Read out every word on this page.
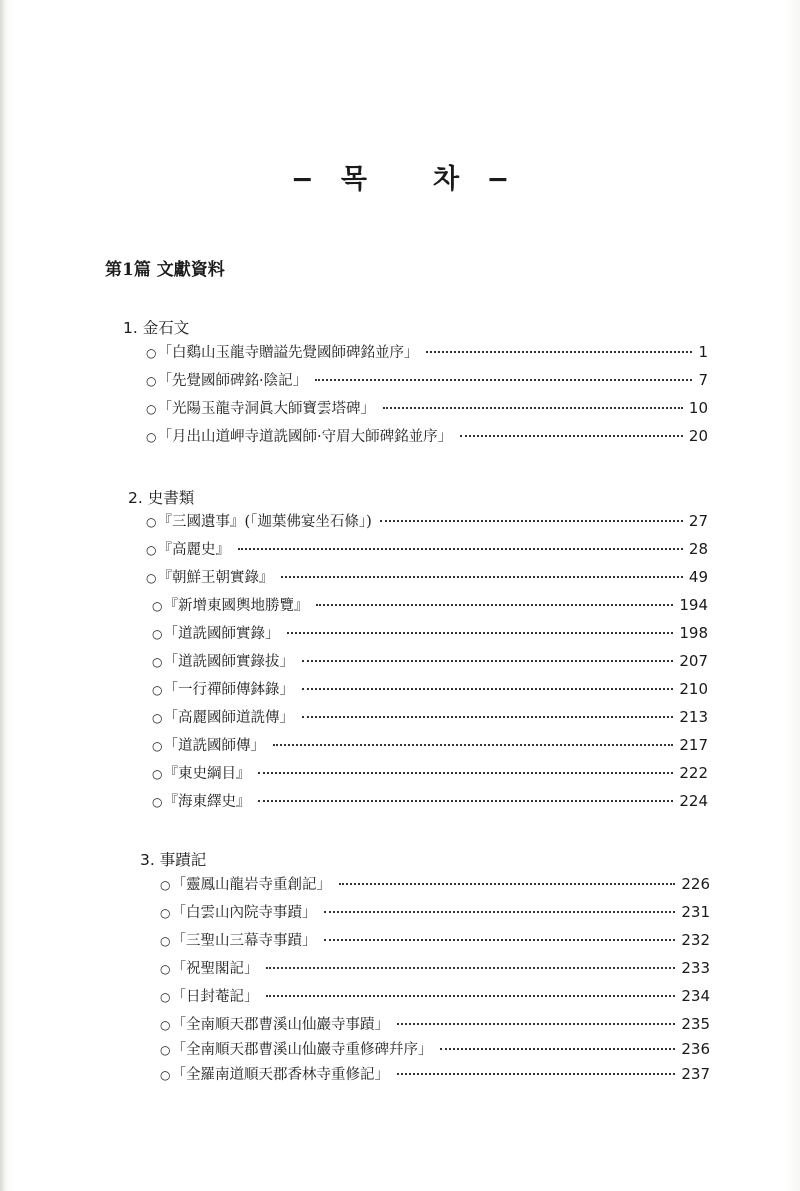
− 목 차 −
第1篇 文獻資料
1. 金石文
○ 「白鷄山玉龍寺贈謚先覺國師碑銘並序」	1
○ 「先覺國師碑銘·陰記」	7
○ 「光陽玉龍寺洞眞大師寶雲塔碑」	10
○ 「月出山道岬寺道詵國師·守眉大師碑銘並序」	20
2. 史書類
○ 『三國遺事』(「迦葉佛宴坐石條」)	27
○ 『高麗史』	28
○ 『朝鮮王朝實錄』	49
○ 『新增東國輿地勝覽』	194
○ 「道詵國師實錄」	198
○ 「道詵國師實錄拔」	207
○ 「一行禪師傳鉢錄」	210
○ 「高麗國師道詵傳」	213
○ 「道詵國師傳」	217
○ 『東史綱目』	222
○ 『海東繹史』	224
3. 事蹟記
○ 「靈鳳山龍岩寺重創記」	226
○ 「白雲山內院寺事蹟」	231
○ 「三聖山三幕寺事蹟」	232
○ 「祝聖閣記」	233
○ 「日封菴記」	234
○ 「全南順天郡曹溪山仙巖寺事蹟」	235
○ 「全南順天郡曹溪山仙巖寺重修碑幷序」	236
○ 「全羅南道順天郡香林寺重修記」	237
